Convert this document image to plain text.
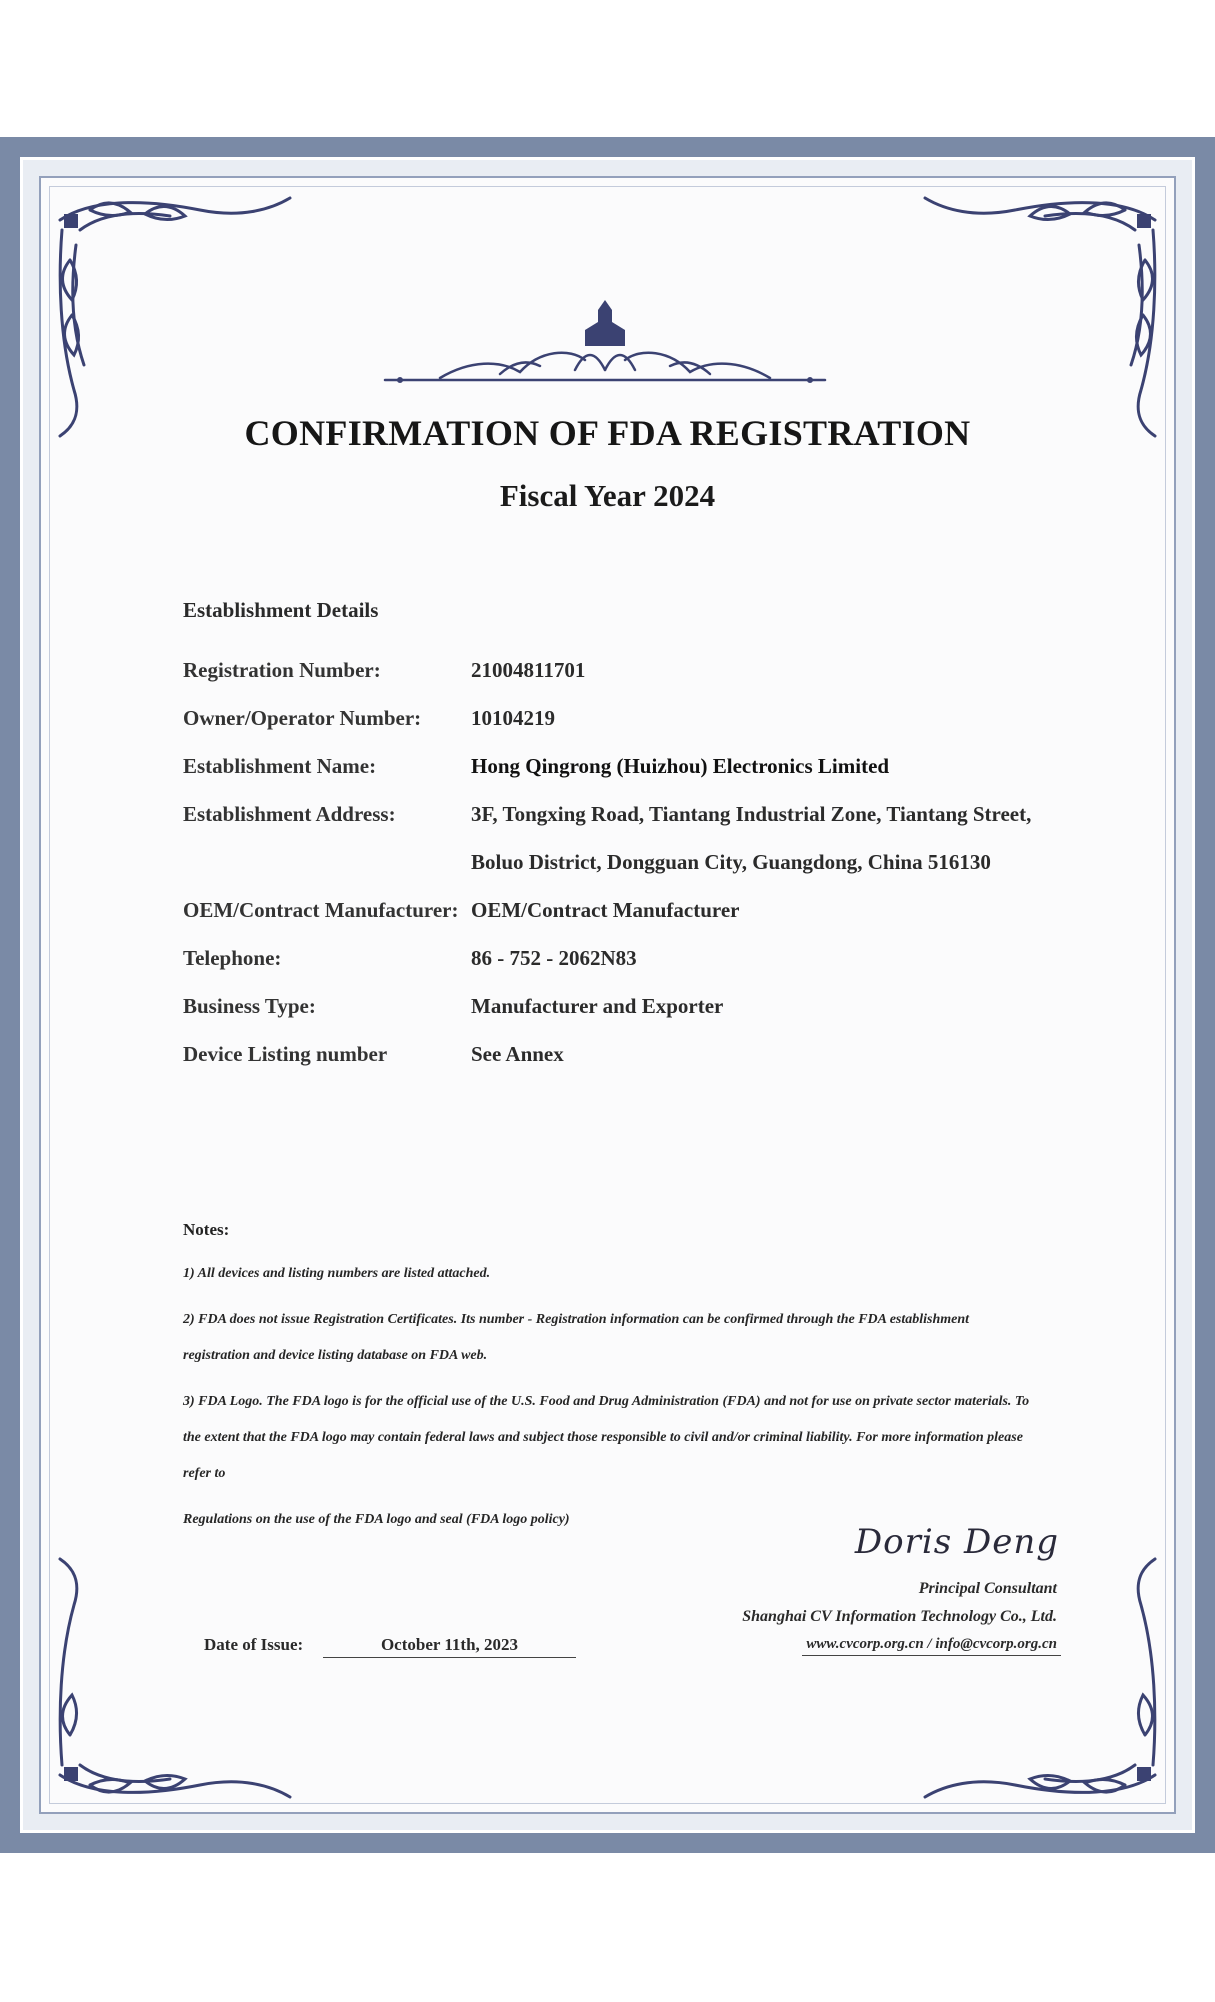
CONFIRMATION OF FDA REGISTRATION
Fiscal Year 2024
Establishment Details
Registration Number:	21004811701
Owner/Operator Number:	10104219
Establishment Name:	Hong Qingrong (Huizhou) Electronics Limited
Establishment Address:	3F, Tongxing Road, Tiantang Industrial Zone, Tiantang Street, Boluo District, Dongguan City, Guangdong, China 516130
OEM/Contract Manufacturer: OEM/Contract Manufacturer
Telephone:	86 - 752 - 2062N83
Business Type:	Manufacturer and Exporter
Device Listing number	See Annex
Notes:

1) All devices and listing numbers are listed attached.

2) FDA does not issue Registration Certificates. Its number - Registration information can be confirmed through the FDA establishment registration and device listing database on FDA web.

3) FDA Logo. The FDA logo is for the official use of the U.S. Food and Drug Administration (FDA) and not for use on private sector materials. To the extent that the FDA logo may contain federal laws and subject those responsible to civil and/or criminal liability. For more information please refer to

Regulations on the use of the FDA logo and seal (FDA logo policy)

Doris Deng
Principal Consultant
Shanghai CV Information Technology Co., Ltd.
www.cvcorp.org.cn / info@cvcorp.org.cn
Date of Issue:	October 11th, 2023
